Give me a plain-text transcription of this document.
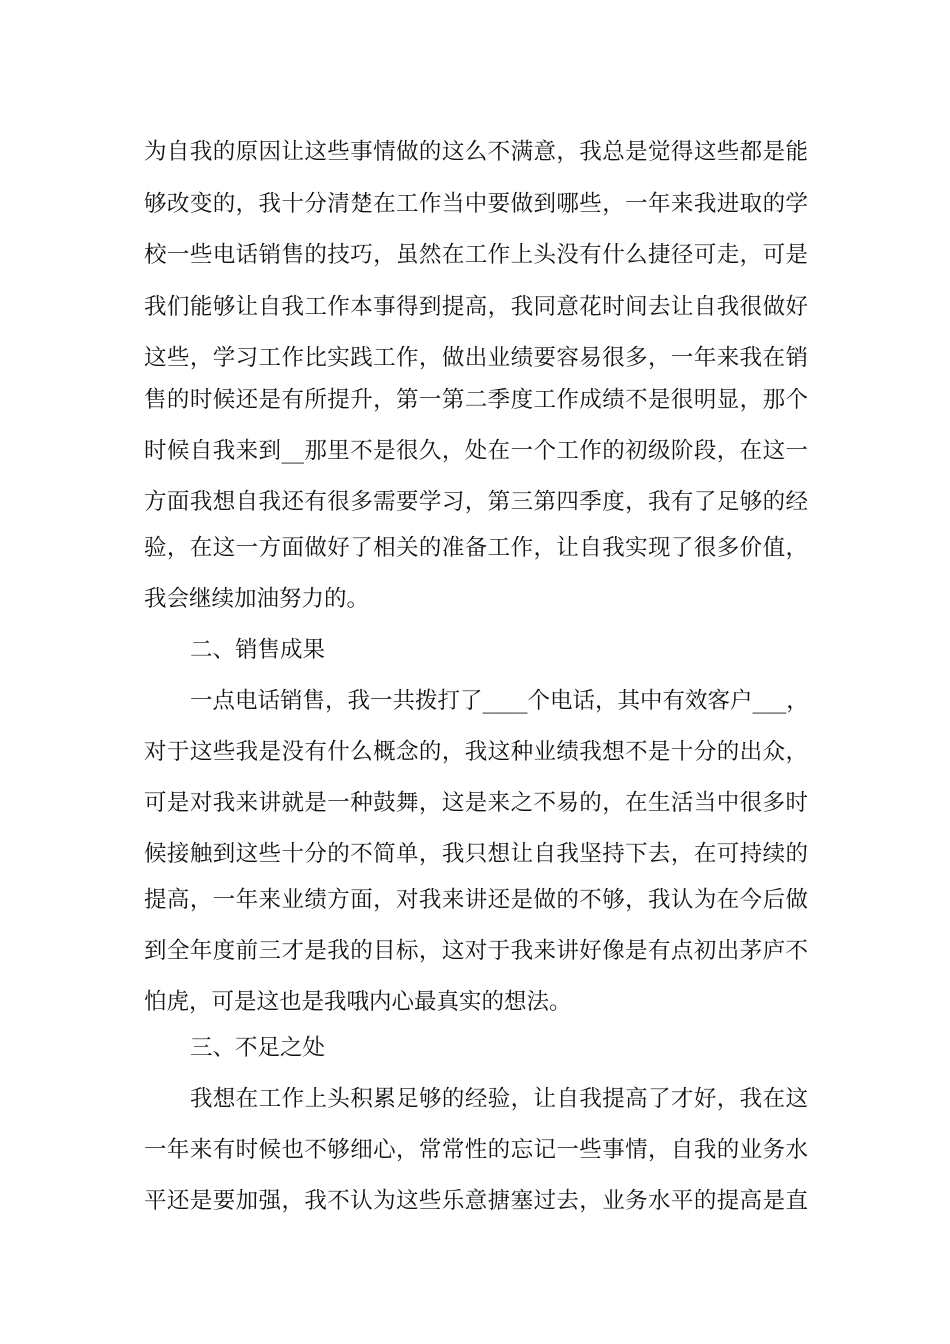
为自我的原因让这些事情做的这么不满意，我总是觉得这些都是能
够改变的，我十分清楚在工作当中要做到哪些，一年来我进取的学
校一些电话销售的技巧，虽然在工作上头没有什么捷径可走，可是
我们能够让自我工作本事得到提高，我同意花时间去让自我很做好
这些，学习工作比实践工作，做出业绩要容易很多，一年来我在销
售的时候还是有所提升，第一第二季度工作成绩不是很明显，那个
时候自我来到__那里不是很久，处在一个工作的初级阶段，在这一
方面我想自我还有很多需要学习，第三第四季度，我有了足够的经
验，在这一方面做好了相关的准备工作，让自我实现了很多价值，
我会继续加油努力的。
二、销售成果
一点电话销售，我一共拨打了____个电话，其中有效客户___，
对于这些我是没有什么概念的，我这种业绩我想不是十分的出众，
可是对我来讲就是一种鼓舞，这是来之不易的，在生活当中很多时
候接触到这些十分的不简单，我只想让自我坚持下去，在可持续的
提高，一年来业绩方面，对我来讲还是做的不够，我认为在今后做
到全年度前三才是我的目标，这对于我来讲好像是有点初出茅庐不
怕虎，可是这也是我哦内心最真实的想法。
三、不足之处
我想在工作上头积累足够的经验，让自我提高了才好，我在这
一年来有时候也不够细心，常常性的忘记一些事情，自我的业务水
平还是要加强，我不认为这些乐意搪塞过去，业务水平的提高是直
